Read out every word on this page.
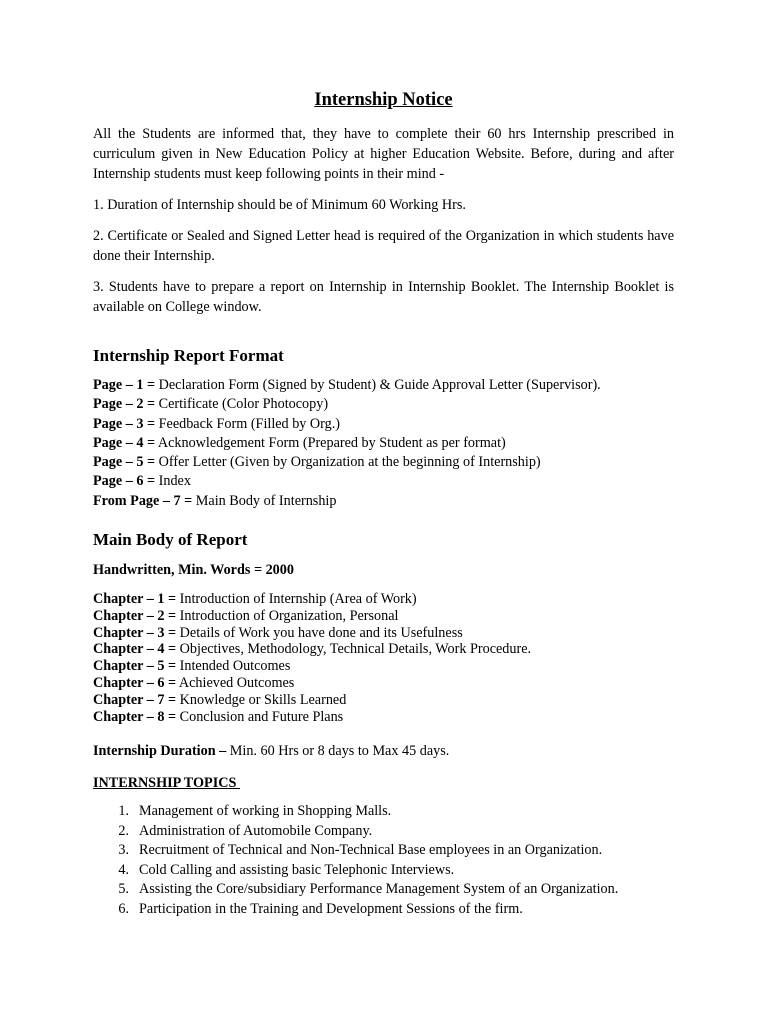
Internship Notice

All the Students are informed that, they have to complete their 60 hrs Internship prescribed in curriculum given in New Education Policy at higher Education Website. Before, during and after Internship students must keep following points in their mind -

1. Duration of Internship should be of Minimum 60 Working Hrs.

2. Certificate or Sealed and Signed Letter head is required of the Organization in which students have done their Internship.

3. Students have to prepare a report on Internship in Internship Booklet. The Internship Booklet is available on College window.

Internship Report Format
Page – 1 = Declaration Form (Signed by Student) & Guide Approval Letter (Supervisor).
Page – 2 = Certificate (Color Photocopy)
Page – 3 = Feedback Form (Filled by Org.)
Page – 4 = Acknowledgement Form (Prepared by Student as per format)
Page – 5 = Offer Letter (Given by Organization at the beginning of Internship)
Page – 6 = Index
From Page – 7 = Main Body of Internship
Main Body of Report
Handwritten, Min. Words = 2000
Chapter – 1 = Introduction of Internship (Area of Work)
Chapter – 2 = Introduction of Organization, Personal
Chapter – 3 = Details of Work you have done and its Usefulness
Chapter – 4 = Objectives, Methodology, Technical Details, Work Procedure.
Chapter – 5 = Intended Outcomes
Chapter – 6 = Achieved Outcomes
Chapter – 7 = Knowledge or Skills Learned
Chapter – 8 = Conclusion and Future Plans
Internship Duration – Min. 60 Hrs or 8 days to Max 45 days.
INTERNSHIP TOPICS
1. Management of working in Shopping Malls.
2. Administration of Automobile Company.
3. Recruitment of Technical and Non-Technical Base employees in an Organization.
4. Cold Calling and assisting basic Telephonic Interviews.
5. Assisting the Core/subsidiary Performance Management System of an Organization.
6. Participation in the Training and Development Sessions of the firm.
